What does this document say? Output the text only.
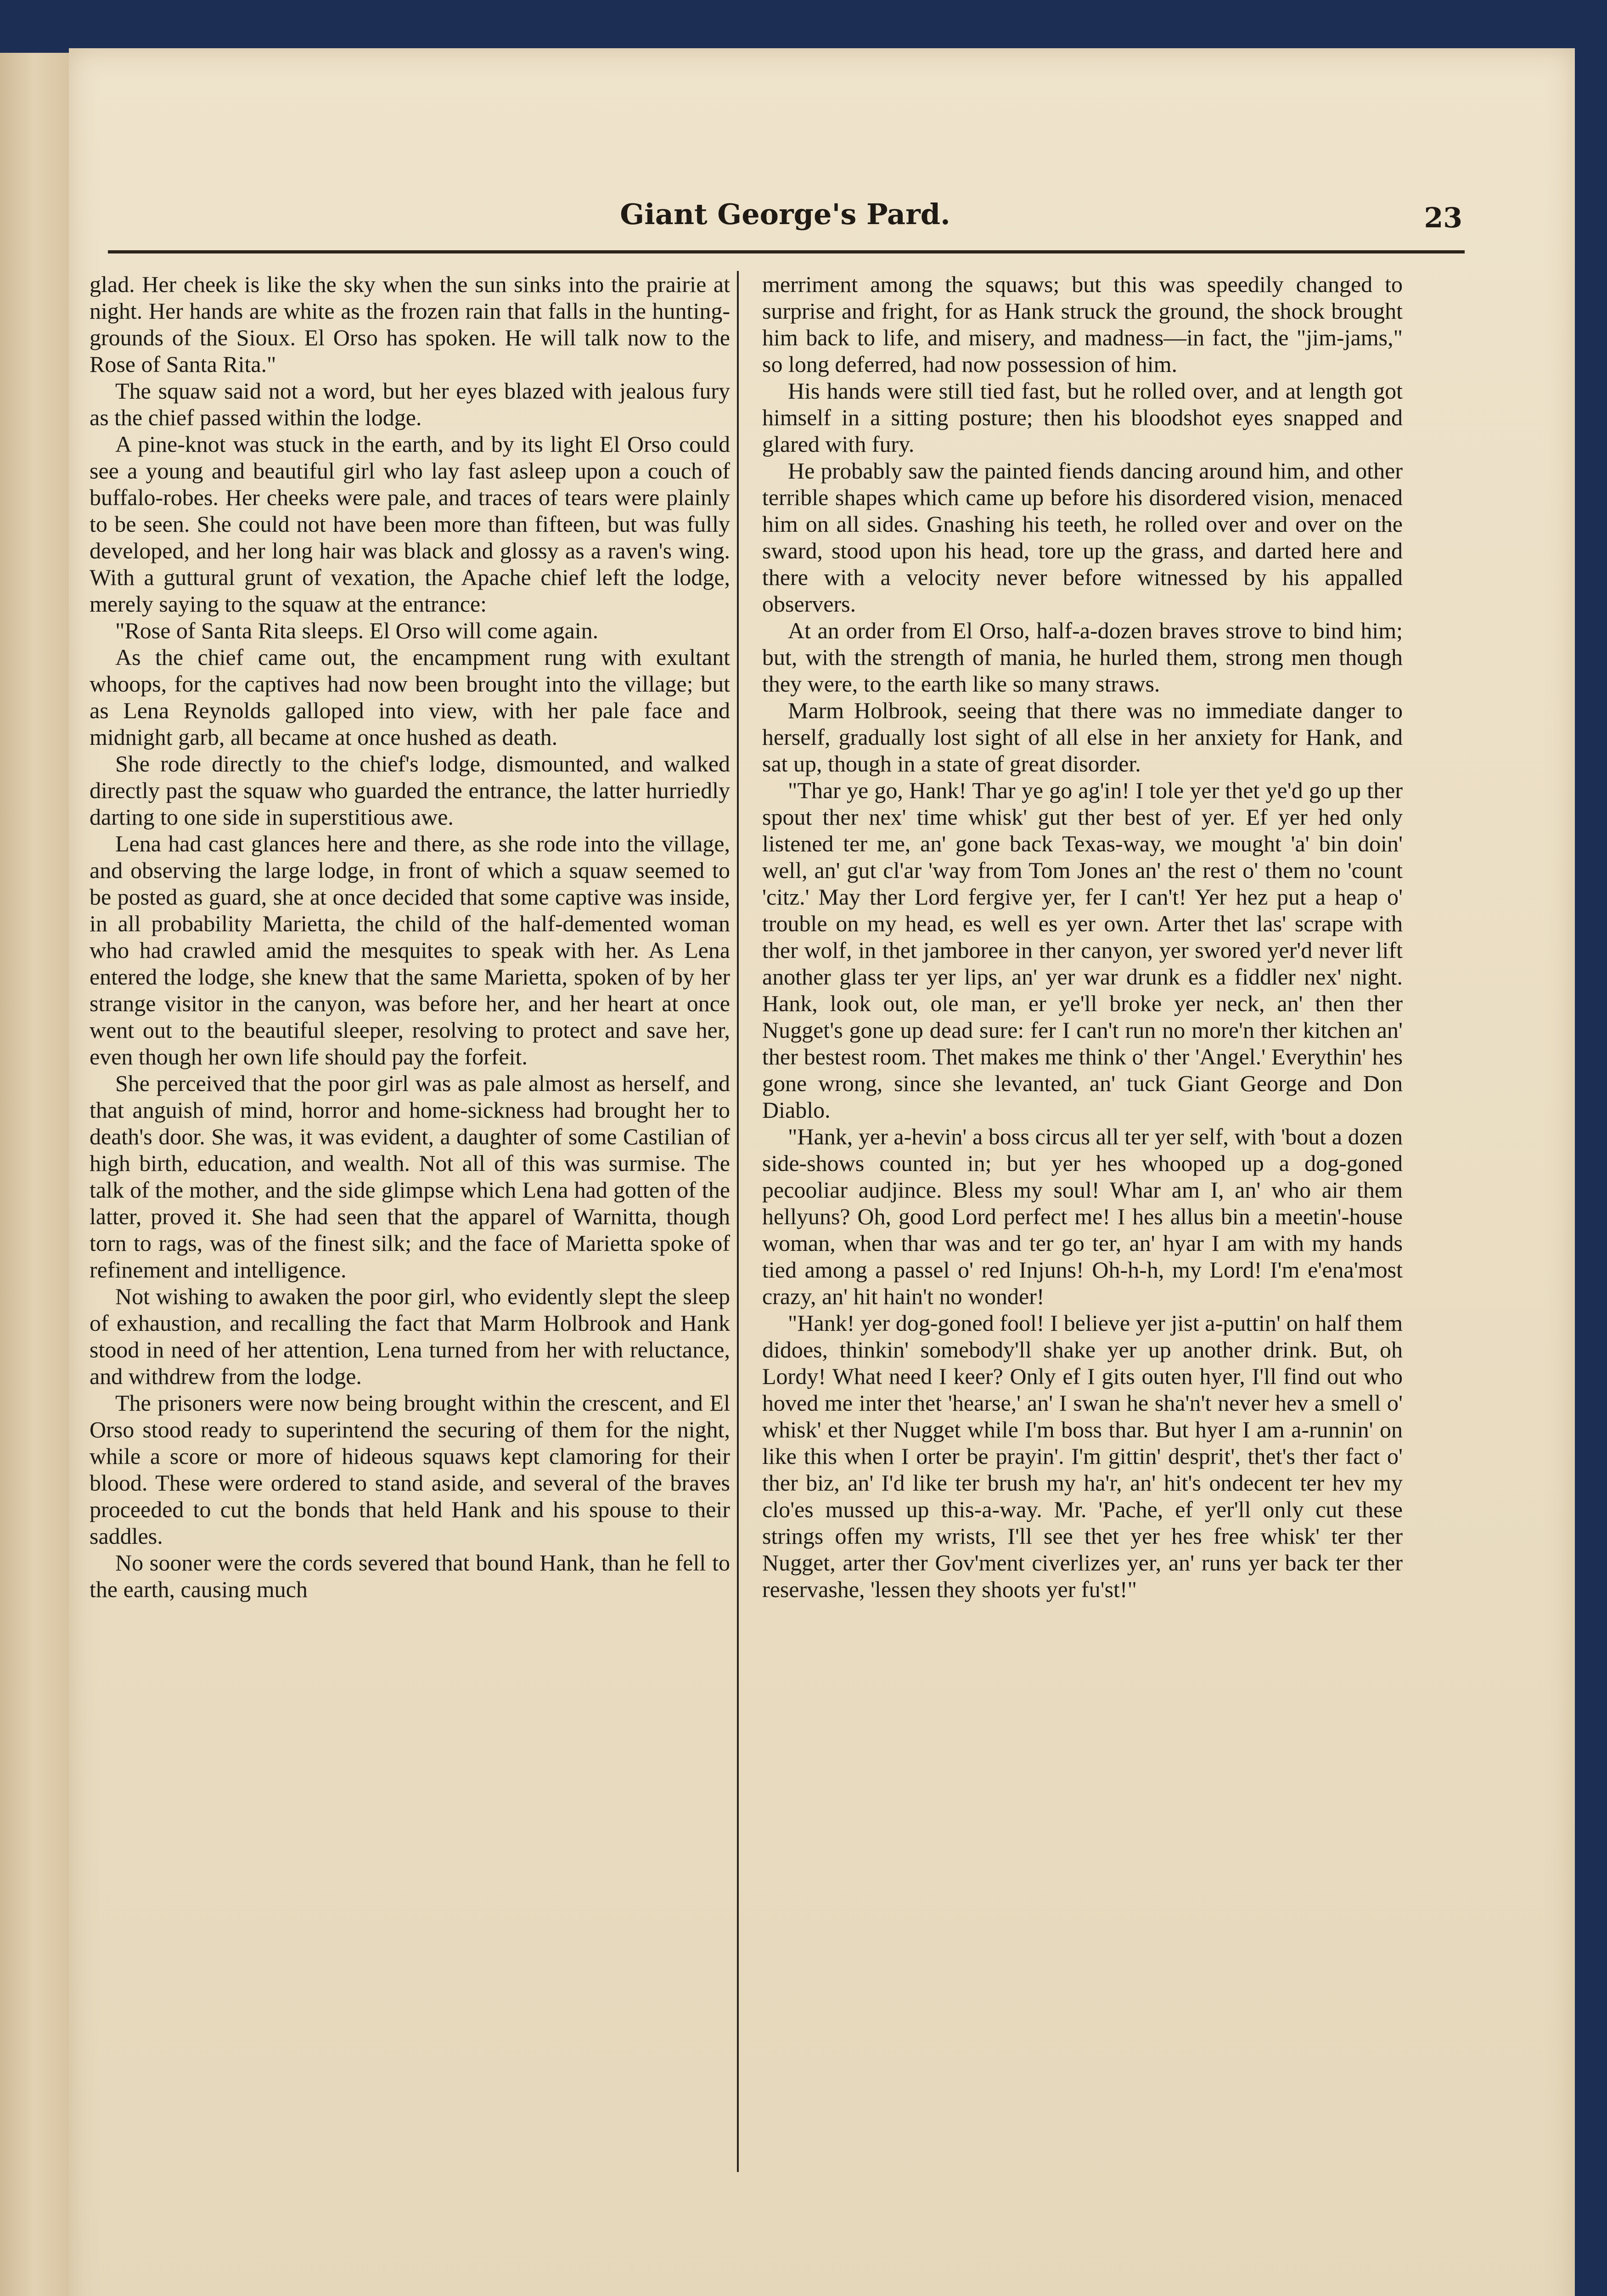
Giant George's Pard.	23

glad. Her cheek is like the sky when the sun sinks into the prairie at night. Her hands are white as the frozen rain that falls in the hunting-grounds of the Sioux. El Orso has spoken. He will talk now to the Rose of Santa Rita."

The squaw said not a word, but her eyes blazed with jealous fury as the chief passed within the lodge.

A pine-knot was stuck in the earth, and by its light El Orso could see a young and beautiful girl who lay fast asleep upon a couch of buffalo-robes. Her cheeks were pale, and traces of tears were plainly to be seen. She could not have been more than fifteen, but was fully developed, and her long hair was black and glossy as a raven's wing. With a guttural grunt of vexation, the Apache chief left the lodge, merely saying to the squaw at the entrance:

"Rose of Santa Rita sleeps. El Orso will come again.

As the chief came out, the encampment rung with exultant whoops, for the captives had now been brought into the village; but as Lena Reynolds galloped into view, with her pale face and midnight garb, all became at once hushed as death.

She rode directly to the chief's lodge, dismounted, and walked directly past the squaw who guarded the entrance, the latter hurriedly darting to one side in superstitious awe.

Lena had cast glances here and there, as she rode into the village, and observing the large lodge, in front of which a squaw seemed to be posted as guard, she at once decided that some captive was inside, in all probability Marietta, the child of the half-demented woman who had crawled amid the mesquites to speak with her. As Lena entered the lodge, she knew that the same Marietta, spoken of by her strange visitor in the canyon, was before her, and her heart at once went out to the beautiful sleeper, resolving to protect and save her, even though her own life should pay the forfeit.

She perceived that the poor girl was as pale almost as herself, and that anguish of mind, horror and home-sickness had brought her to death's door. She was, it was evident, a daughter of some Castilian of high birth, education, and wealth. Not all of this was surmise. The talk of the mother, and the side glimpse which Lena had gotten of the latter, proved it. She had seen that the apparel of Warnitta, though torn to rags, was of the finest silk; and the face of Marietta spoke of refinement and intelligence.

Not wishing to awaken the poor girl, who evidently slept the sleep of exhaustion, and recalling the fact that Marm Holbrook and Hank stood in need of her attention, Lena turned from her with reluctance, and withdrew from the lodge.

The prisoners were now being brought within the crescent, and El Orso stood ready to superintend the securing of them for the night, while a score or more of hideous squaws kept clamoring for their blood. These were ordered to stand aside, and several of the braves proceeded to cut the bonds that held Hank and his spouse to their saddles.

No sooner were the cords severed that bound Hank, than he fell to the earth, causing much

merriment among the squaws; but this was speedily changed to surprise and fright, for as Hank struck the ground, the shock brought him back to life, and misery, and madness—in fact, the "jim-jams," so long deferred, had now possession of him.

His hands were still tied fast, but he rolled over, and at length got himself in a sitting posture; then his bloodshot eyes snapped and glared with fury.

He probably saw the painted fiends dancing around him, and other terrible shapes which came up before his disordered vision, menaced him on all sides. Gnashing his teeth, he rolled over and over on the sward, stood upon his head, tore up the grass, and darted here and there with a velocity never before witnessed by his appalled observers.

At an order from El Orso, half-a-dozen braves strove to bind him; but, with the strength of mania, he hurled them, strong men though they were, to the earth like so many straws.

Marm Holbrook, seeing that there was no immediate danger to herself, gradually lost sight of all else in her anxiety for Hank, and sat up, though in a state of great disorder.

"Thar ye go, Hank! Thar ye go ag'in! I tole yer thet ye'd go up ther spout ther nex' time whisk' gut ther best of yer. Ef yer hed only listened ter me, an' gone back Texas-way, we mought 'a' bin doin' well, an' gut cl'ar 'way from Tom Jones an' the rest o' them no 'count 'citz.' May ther Lord fergive yer, fer I can't! Yer hez put a heap o' trouble on my head, es well es yer own. Arter thet las' scrape with ther wolf, in thet jamboree in ther canyon, yer swored yer'd never lift another glass ter yer lips, an' yer war drunk es a fiddler nex' night. Hank, look out, ole man, er ye'll broke yer neck, an' then ther Nugget's gone up dead sure: fer I can't run no more'n ther kitchen an' ther bestest room. Thet makes me think o' ther 'Angel.' Everythin' hes gone wrong, since she levanted, an' tuck Giant George and Don Diablo.

"Hank, yer a-hevin' a boss circus all ter yer self, with 'bout a dozen side-shows counted in; but yer hes whooped up a dog-goned pecooliar audjince. Bless my soul! Whar am I, an' who air them hellyuns? Oh, good Lord perfect me! I hes allus bin a meetin'-house woman, when thar was and ter go ter, an' hyar I am with my hands tied among a passel o' red Injuns! Oh-h-h, my Lord! I'm e'ena'most crazy, an' hit hain't no wonder!

"Hank! yer dog-goned fool! I believe yer jist a-puttin' on half them didoes, thinkin' somebody'll shake yer up another drink. But, oh Lordy! What need I keer? Only ef I gits outen hyer, I'll find out who hoved me inter thet 'hearse,' an' I swan he sha'n't never hev a smell o' whisk' et ther Nugget while I'm boss thar. But hyer I am a-runnin' on like this when I orter be prayin'. I'm gittin' desprit', thet's ther fact o' ther biz, an' I'd like ter brush my ha'r, an' hit's ondecent ter hev my clo'es mussed up this-a-way. Mr. 'Pache, ef yer'll only cut these strings offen my wrists, I'll see thet yer hes free whisk' ter ther Nugget, arter ther Gov'ment civerlizes yer, an' runs yer back ter ther reservashe, 'lessen they shoots yer fu'st!"
